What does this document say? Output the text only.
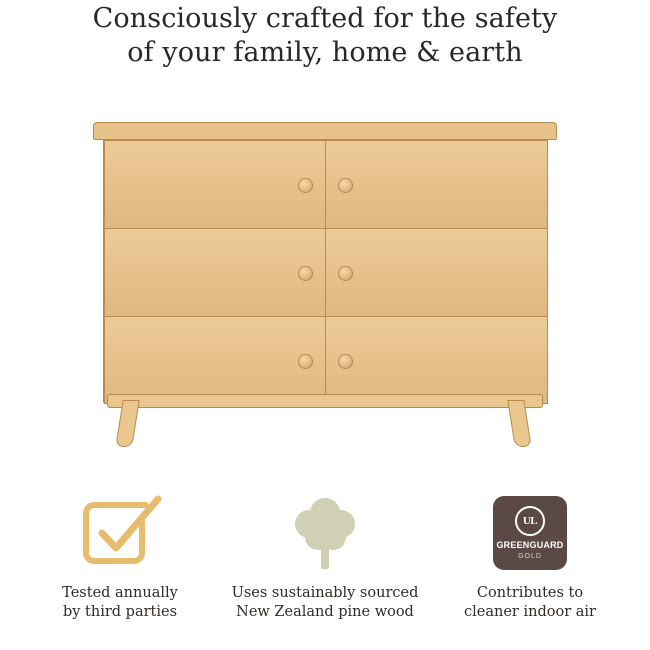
Consciously crafted for the safety
of your family, home & earth
Tested annually
by third parties
Uses sustainably sourced
New Zealand pine wood
UL
GREENGUARD
GOLD
Contributes to
cleaner indoor air
